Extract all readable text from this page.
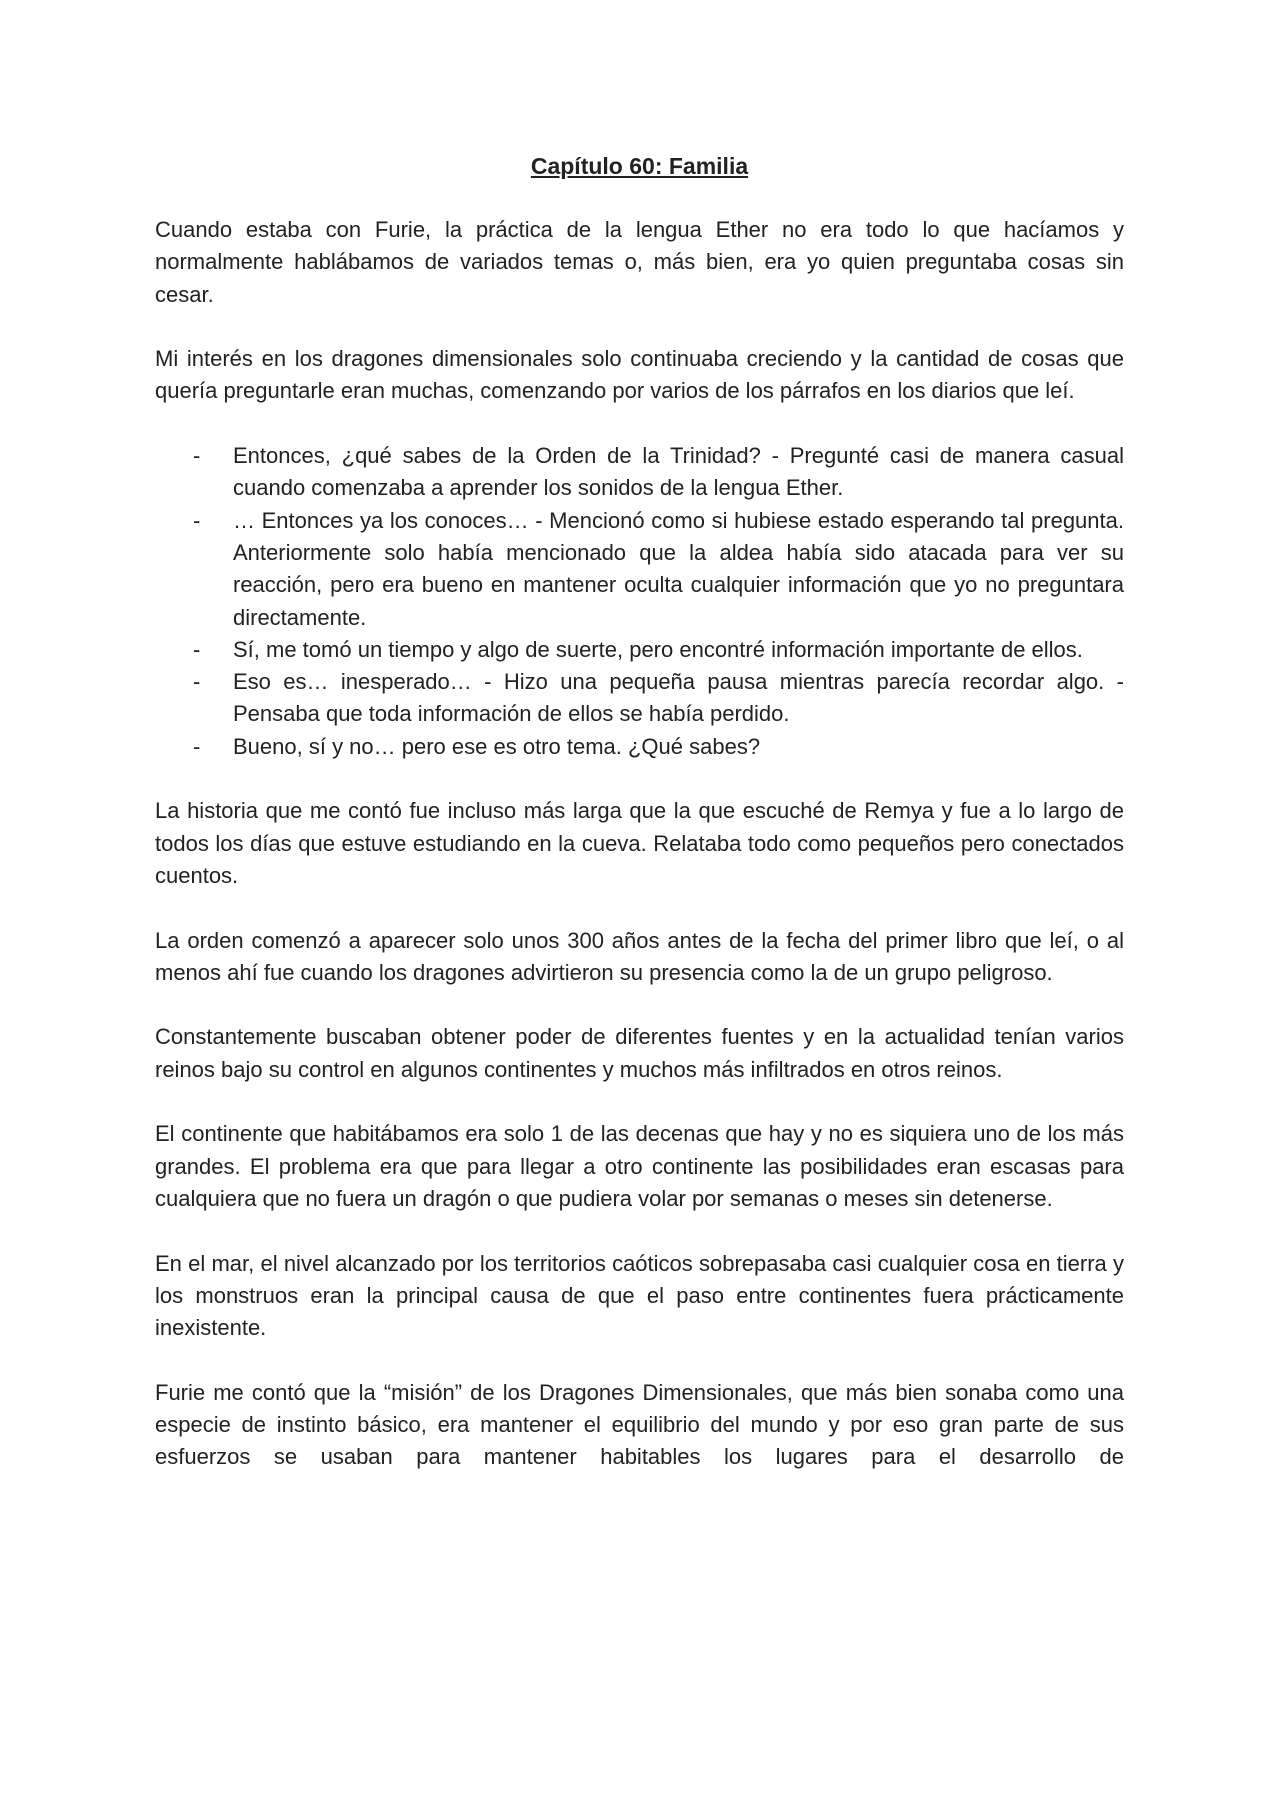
Capítulo 60: Familia

Cuando estaba con Furie, la práctica de la lengua Ether no era todo lo que hacíamos y normalmente hablábamos de variados temas o, más bien, era yo quien preguntaba cosas sin cesar.

Mi interés en los dragones dimensionales solo continuaba creciendo y la cantidad de cosas que quería preguntarle eran muchas, comenzando por varios de los párrafos en los diarios que leí.

- Entonces, ¿qué sabes de la Orden de la Trinidad? - Pregunté casi de manera casual cuando comenzaba a aprender los sonidos de la lengua Ether.
- … Entonces ya los conoces… - Mencionó como si hubiese estado esperando tal pregunta. Anteriormente solo había mencionado que la aldea había sido atacada para ver su reacción, pero era bueno en mantener oculta cualquier información que yo no preguntara directamente.
- Sí, me tomó un tiempo y algo de suerte, pero encontré información importante de ellos.
- Eso es… inesperado… - Hizo una pequeña pausa mientras parecía recordar algo. - Pensaba que toda información de ellos se había perdido.
- Bueno, sí y no… pero ese es otro tema. ¿Qué sabes?

La historia que me contó fue incluso más larga que la que escuché de Remya y fue a lo largo de todos los días que estuve estudiando en la cueva. Relataba todo como pequeños pero conectados cuentos.

La orden comenzó a aparecer solo unos 300 años antes de la fecha del primer libro que leí, o al menos ahí fue cuando los dragones advirtieron su presencia como la de un grupo peligroso.

Constantemente buscaban obtener poder de diferentes fuentes y en la actualidad tenían varios reinos bajo su control en algunos continentes y muchos más infiltrados en otros reinos.

El continente que habitábamos era solo 1 de las decenas que hay y no es siquiera uno de los más grandes. El problema era que para llegar a otro continente las posibilidades eran escasas para cualquiera que no fuera un dragón o que pudiera volar por semanas o meses sin detenerse.

En el mar, el nivel alcanzado por los territorios caóticos sobrepasaba casi cualquier cosa en tierra y los monstruos eran la principal causa de que el paso entre continentes fuera prácticamente inexistente.

Furie me contó que la “misión” de los Dragones Dimensionales, que más bien sonaba como una especie de instinto básico, era mantener el equilibrio del mundo y por eso gran parte de sus esfuerzos se usaban para mantener habitables los lugares para el desarrollo de
